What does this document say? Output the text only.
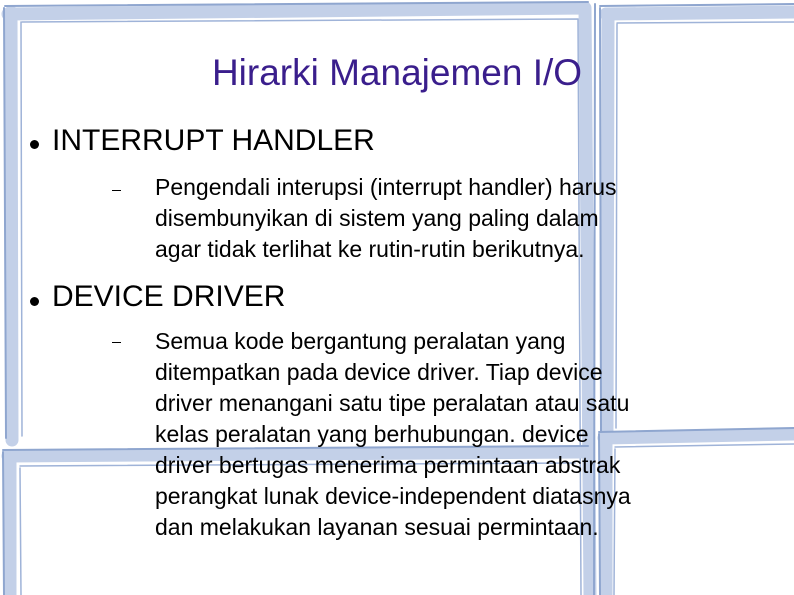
Hirarki Manajemen I/O
INTERRUPT HANDLER
Pengendali interupsi (interrupt handler) harus
disembunyikan di sistem yang paling dalam
agar tidak terlihat ke rutin-rutin berikutnya.
DEVICE DRIVER
Semua kode bergantung peralatan yang
ditempatkan pada device driver. Tiap device
driver menangani satu tipe peralatan atau satu
kelas peralatan yang berhubungan. device
driver bertugas menerima permintaan abstrak
perangkat lunak device-independent diatasnya
dan melakukan layanan sesuai permintaan.
